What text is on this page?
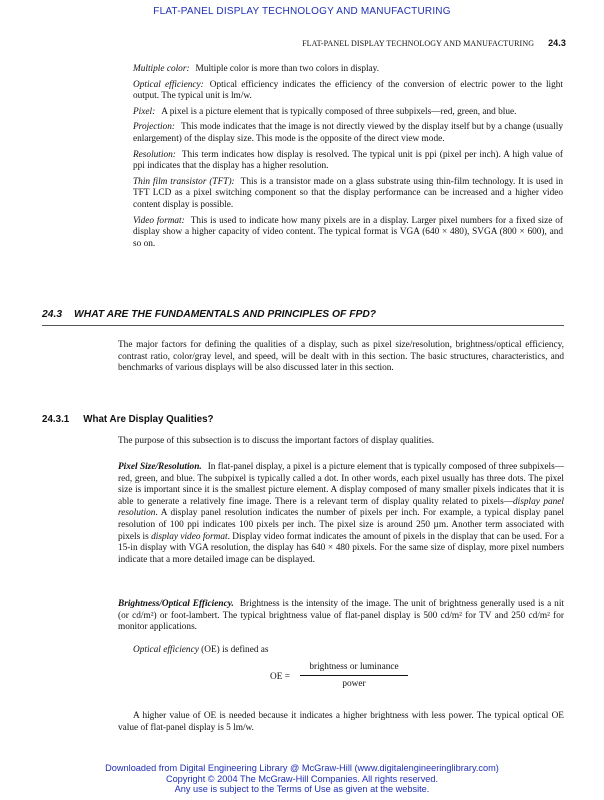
FLAT-PANEL DISPLAY TECHNOLOGY AND MANUFACTURING
FLAT-PANEL DISPLAY TECHNOLOGY AND MANUFACTURING 24.3

Multiple color: Multiple color is more than two colors in display.

Optical efficiency: Optical efficiency indicates the efficiency of the conversion of electric power to the light output. The typical unit is lm/w.

Pixel: A pixel is a picture element that is typically composed of three subpixels—red, green, and blue.

Projection: This mode indicates that the image is not directly viewed by the display itself but by a change (usually enlargement) of the display size. This mode is the opposite of the direct view mode.

Resolution: This term indicates how display is resolved. The typical unit is ppi (pixel per inch). A high value of ppi indicates that the display has a higher resolution.

Thin film transistor (TFT): This is a transistor made on a glass substrate using thin-film technology. It is used in TFT LCD as a pixel switching component so that the display performance can be increased and a higher video content display is possible.

Video format: This is used to indicate how many pixels are in a display. Larger pixel numbers for a fixed size of display show a higher capacity of video content. The typical format is VGA (640 × 480), SVGA (800 × 600), and so on.

24.3 WHAT ARE THE FUNDAMENTALS AND PRINCIPLES OF FPD?

The major factors for defining the qualities of a display, such as pixel size/resolution, brightness/optical efficiency, contrast ratio, color/gray level, and speed, will be dealt with in this section. The basic structures, characteristics, and benchmarks of various displays will be also discussed later in this section.

24.3.1 What Are Display Qualities?

The purpose of this subsection is to discuss the important factors of display qualities.

Pixel Size/Resolution. In flat-panel display, a pixel is a picture element that is typically composed of three subpixels—red, green, and blue. The subpixel is typically called a dot. In other words, each pixel usually has three dots. The pixel size is important since it is the smallest picture element. A display composed of many smaller pixels indicates that it is able to generate a relatively fine image. There is a relevant term of display quality related to pixels—display panel resolution. A display panel resolution indicates the number of pixels per inch. For example, a typical display panel resolution of 100 ppi indicates 100 pixels per inch. The pixel size is around 250 µm. Another term associated with pixels is display video format. Display video format indicates the amount of pixels in the display that can be used. For a 15-in display with VGA resolution, the display has 640 × 480 pixels. For the same size of display, more pixel numbers indicate that a more detailed image can be displayed.

Brightness/Optical Efficiency. Brightness is the intensity of the image. The unit of brightness generally used is a nit (or cd/m²) or foot-lambert. The typical brightness value of flat-panel display is 500 cd/m² for TV and 250 cd/m² for monitor applications.

Optical efficiency (OE) is defined as

OE =
brightness or luminance
power

A higher value of OE is needed because it indicates a higher brightness with less power. The typical optical OE value of flat-panel display is 5 lm/w.

Downloaded from Digital Engineering Library @ McGraw-Hill (www.digitalengineeringlibrary.com)
Copyright © 2004 The McGraw-Hill Companies. All rights reserved.
Any use is subject to the Terms of Use as given at the website.
